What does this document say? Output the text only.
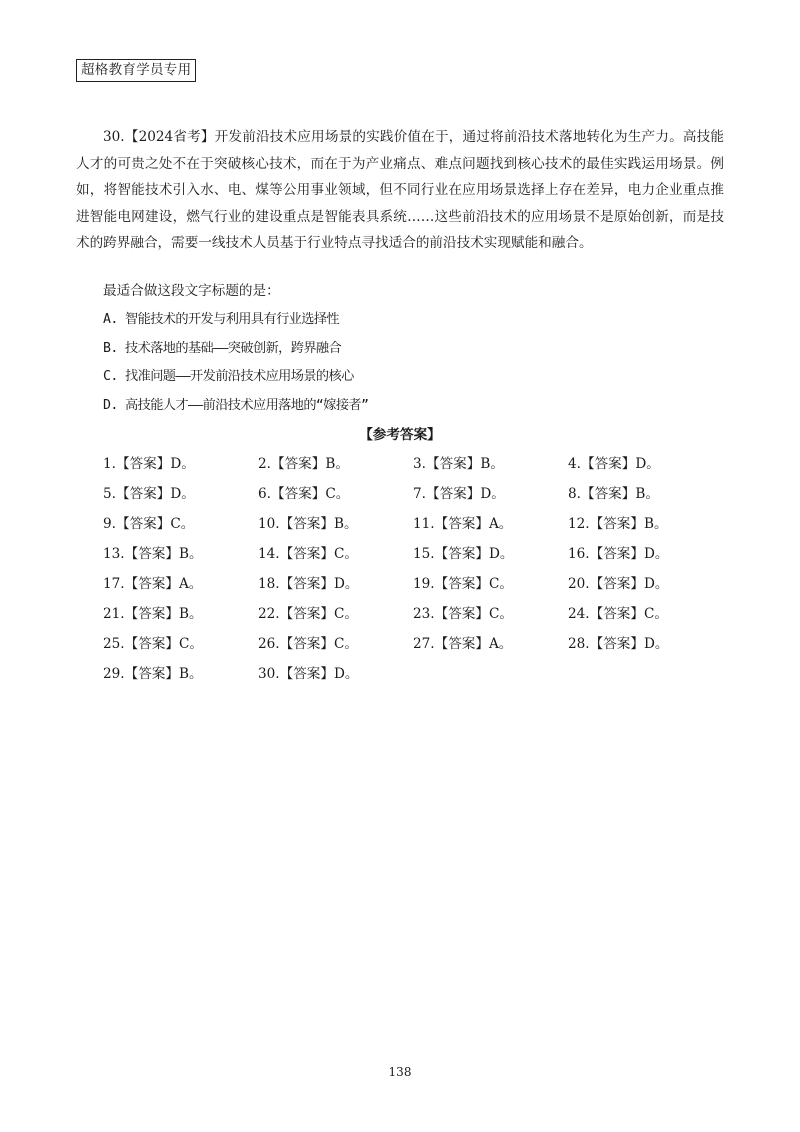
超格教育学员专用
30.【2024省考】开发前沿技术应用场景的实践价值在于，通过将前沿技术落地转化为生产力。高技能人才的可贵之处不在于突破核心技术，而在于为产业痛点、难点问题找到核心技术的最佳实践运用场景。例如，将智能技术引入水、电、煤等公用事业领域，但不同行业在应用场景选择上存在差异，电力企业重点推进智能电网建设，燃气行业的建设重点是智能表具系统……这些前沿技术的应用场景不是原始创新，而是技术的跨界融合，需要一线技术人员基于行业特点寻找适合的前沿技术实现赋能和融合。
最适合做这段文字标题的是：
A. 智能技术的开发与利用具有行业选择性
B. 技术落地的基础——突破创新，跨界融合
C. 找准问题——开发前沿技术应用场景的核心
D. 高技能人才——前沿技术应用落地的“嫁接者”
【参考答案】
1.【答案】D。	2.【答案】B。	3.【答案】B。	4.【答案】D。
5.【答案】D。	6.【答案】C。	7.【答案】D。	8.【答案】B。
9.【答案】C。	10.【答案】B。	11.【答案】A。	12.【答案】B。
13.【答案】B。	14.【答案】C。	15.【答案】D。	16.【答案】D。
17.【答案】A。	18.【答案】D。	19.【答案】C。	20.【答案】D。
21.【答案】B。	22.【答案】C。	23.【答案】C。	24.【答案】C。
25.【答案】C。	26.【答案】C。	27.【答案】A。	28.【答案】D。
29.【答案】B。	30.【答案】D。
138
